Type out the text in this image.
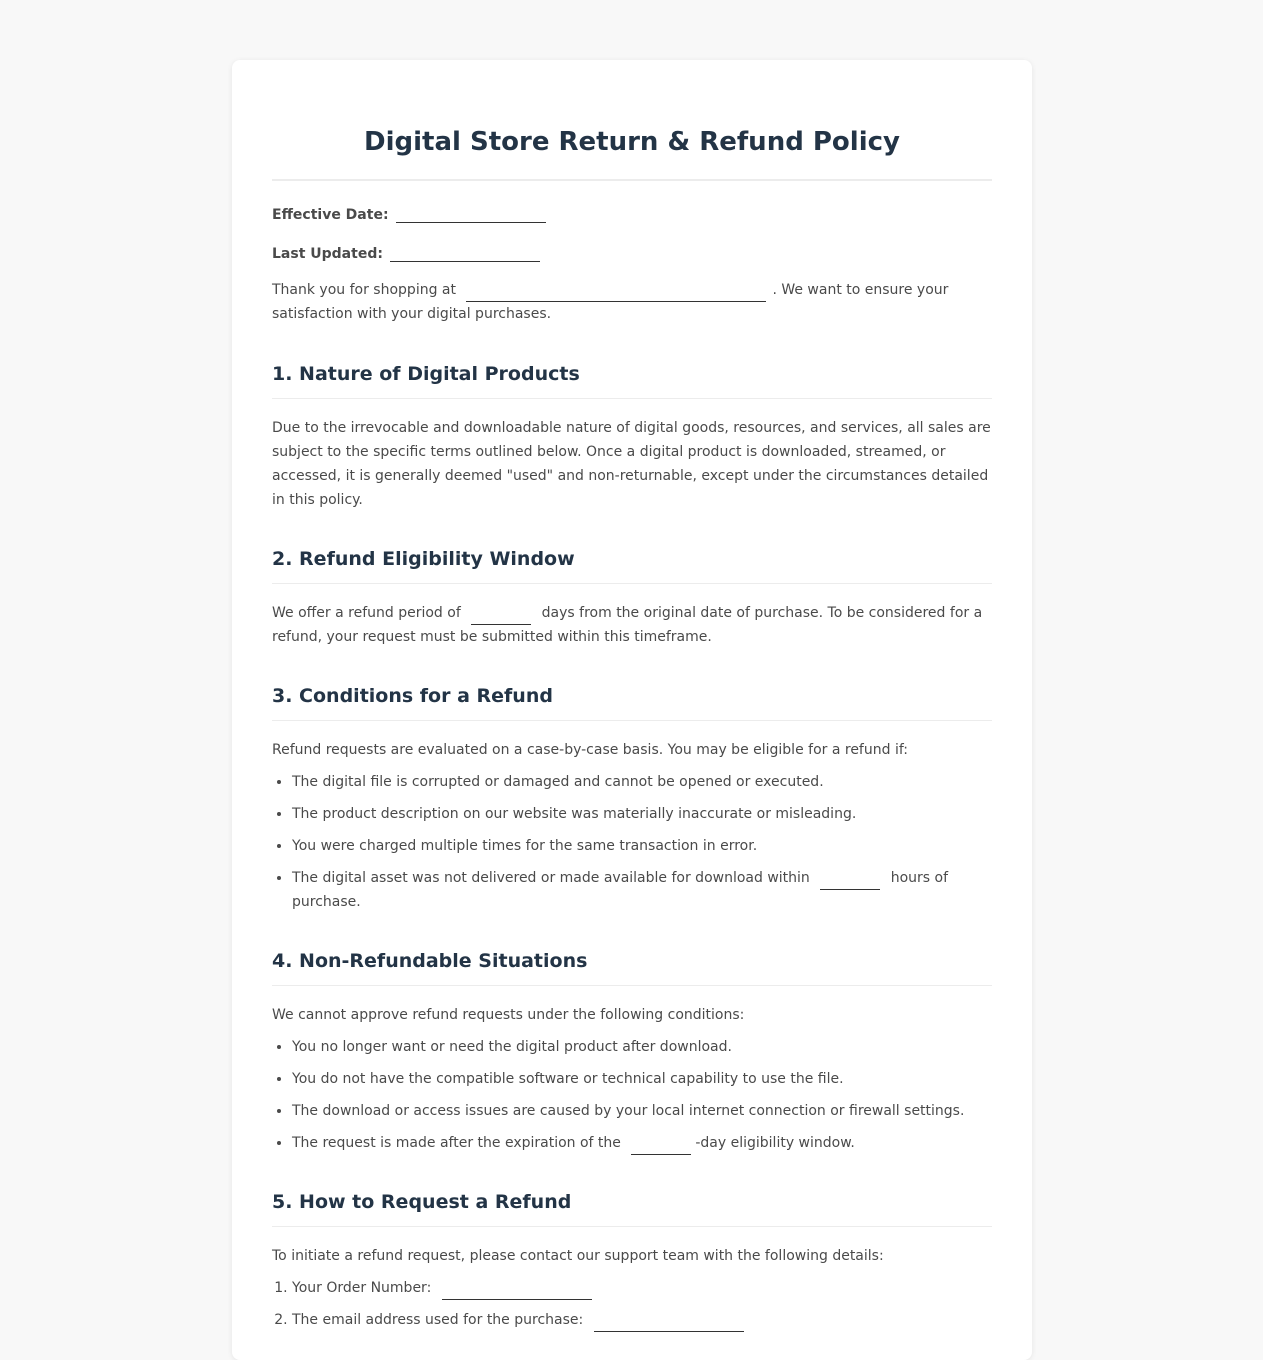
Digital Store Return & Refund Policy
Effective Date:
Last Updated:

Thank you for shopping at	. We want to ensure your satisfaction with your digital purchases.

1. Nature of Digital Products

Due to the irrevocable and downloadable nature of digital goods, resources, and services, all sales are subject to the specific terms outlined below. Once a digital product is downloaded, streamed, or accessed, it is generally deemed "used" and non-returnable, except under the circumstances detailed in this policy.

2. Refund Eligibility Window

We offer a refund period of	days from the original date of purchase. To be considered for a refund, your request must be submitted within this timeframe.

3. Conditions for a Refund

Refund requests are evaluated on a case-by-case basis. You may be eligible for a refund if:

• The digital file is corrupted or damaged and cannot be opened or executed.
• The product description on our website was materially inaccurate or misleading.
• You were charged multiple times for the same transaction in error.
• The digital asset was not delivered or made available for download within	hours of purchase.
4. Non-Refundable Situations

We cannot approve refund requests under the following conditions:

• You no longer want or need the digital product after download.
• You do not have the compatible software or technical capability to use the file.
• The download or access issues are caused by your local internet connection or firewall settings.
• The request is made after the expiration of the	-day eligibility window.
5. How to Request a Refund

To initiate a refund request, please contact our support team with the following details:

1. Your Order Number:
2. The email address used for the purchase:
